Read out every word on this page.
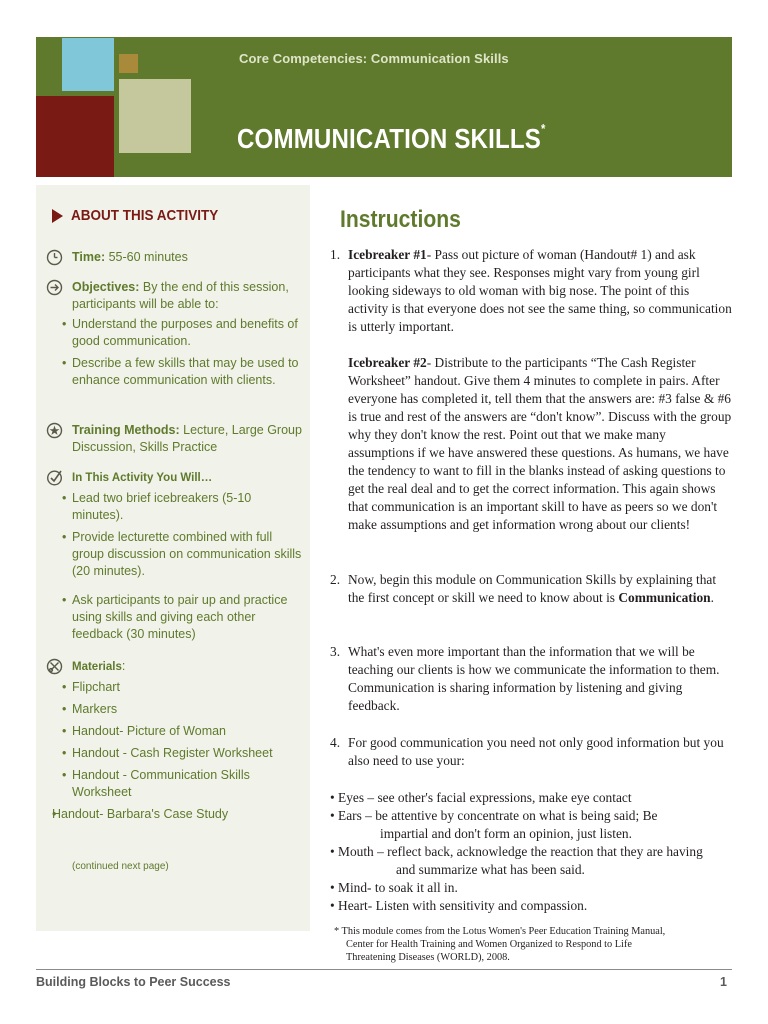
Core Competencies: Communication Skills
COMMUNICATION SKILLS*
ABOUT THIS ACTIVITY
Time: 55-60 minutes
Objectives: By the end of this session, participants will be able to:
• Understand the purposes and benefits of good communication.
• Describe a few skills that may be used to enhance communication with clients.
Training Methods: Lecture, Large Group Discussion, Skills Practice
In This Activity You Will…
• Lead two brief icebreakers (5-10 minutes).
• Provide lecturette combined with full group discussion on communication skills (20 minutes).
• Ask participants to pair up and practice using skills and giving each other feedback (30 minutes)
Materials:
• Flipchart
• Markers
• Handout- Picture of Woman
• Handout - Cash Register Worksheet
• Handout - Communication Skills Worksheet
• Handout- Barbara's Case Study
(continued next page)
Instructions
1. Icebreaker #1- Pass out picture of woman (Handout# 1) and ask participants what they see. Responses might vary from young girl looking sideways to old woman with big nose. The point of this activity is that everyone does not see the same thing, so communication is utterly important.
Icebreaker #2- Distribute to the participants “The Cash Register Worksheet” handout. Give them 4 minutes to complete in pairs. After everyone has completed it, tell them that the answers are: #3 false & #6 is true and rest of the answers are “don't know”. Discuss with the group why they don't know the rest. Point out that we make many assumptions if we have answered these questions. As humans, we have the tendency to want to fill in the blanks instead of asking questions to get the real deal and to get the correct information. This again shows that communication is an important skill to have as peers so we don't make assumptions and get information wrong about our clients!
2. Now, begin this module on Communication Skills by explaining that the first concept or skill we need to know about is Communication.
3. What's even more important than the information that we will be teaching our clients is how we communicate the information to them. Communication is sharing information by listening and giving feedback.
4. For good communication you need not only good information but you also need to use your:
• Eyes – see other's facial expressions, make eye contact
• Ears – be attentive by concentrate on what is being said; Be
impartial and don't form an opinion, just listen.
• Mouth – reflect back, acknowledge the reaction that they are having
and summarize what has been said.
• Mind- to soak it all in.
• Heart- Listen with sensitivity and compassion.
* This module comes from the Lotus Women's Peer Education Training Manual,
Center for Health Training and Women Organized to Respond to Life
Threatening Diseases (WORLD), 2008.
Building Blocks to Peer Success	1
